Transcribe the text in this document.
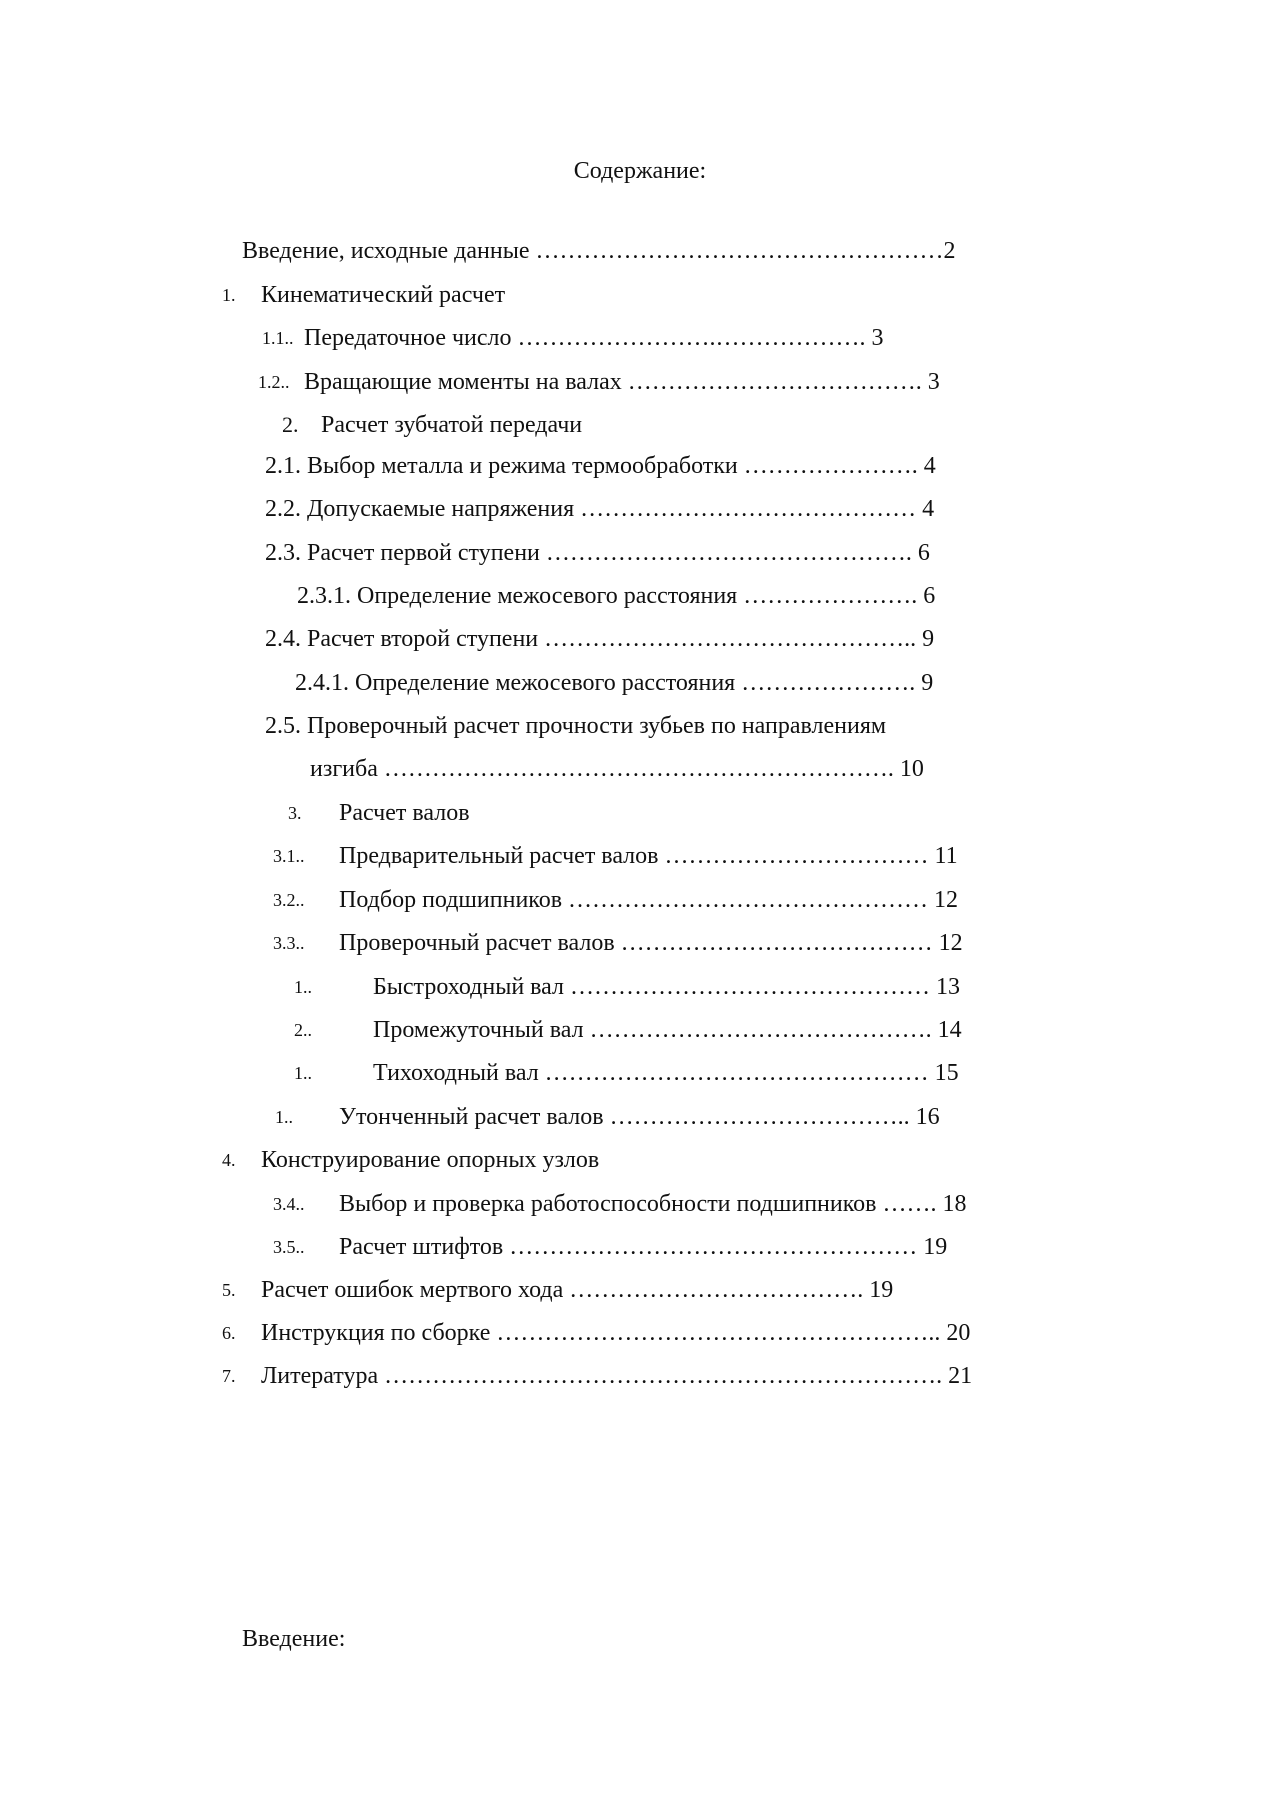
Содержание:
Введение, исходные данные ……………………………………………2
1. Кинематический расчет
1.1.. Передаточное число …………………….………………. 3
1.2.. Вращающие моменты на валах ………………………………. 3
2. Расчет зубчатой передачи
2.1. Выбор металла и режима термообработки …………………. 4
2.2. Допускаемые напряжения …………………………………… 4
2.3. Расчет первой ступени ………………………………………. 6
2.3.1. Определение межосевого расстояния …………………. 6
2.4. Расчет второй ступени ……………………………………….. 9
2.4.1. Определение межосевого расстояния …………………. 9
2.5. Проверочный расчет прочности зубьев по направлениям
изгиба ………………………………………………………. 10
3. Расчет валов
3.1.. Предварительный расчет валов …………………………… 11
3.2.. Подбор подшипников ……………………………………… 12
3.3.. Проверочный расчет валов ………………………………… 12
1..	Быстроходный вал ……………………………………… 13
2..	Промежуточный вал ……………………………………. 14
1..	Тихоходный вал ………………………………………… 15
1.. Утонченный расчет валов ……………………………….. 16
4. Конструирование опорных узлов
3.4.. Выбор и проверка работоспособности подшипников ……. 18
3.5.. Расчет штифтов …………………………………………… 19
5. Расчет ошибок мертвого хода ………………………………. 19
6. Инструкция по сборке ……………………………………………….. 20
7. Литература ……………………………………………………………. 21
Введение:
